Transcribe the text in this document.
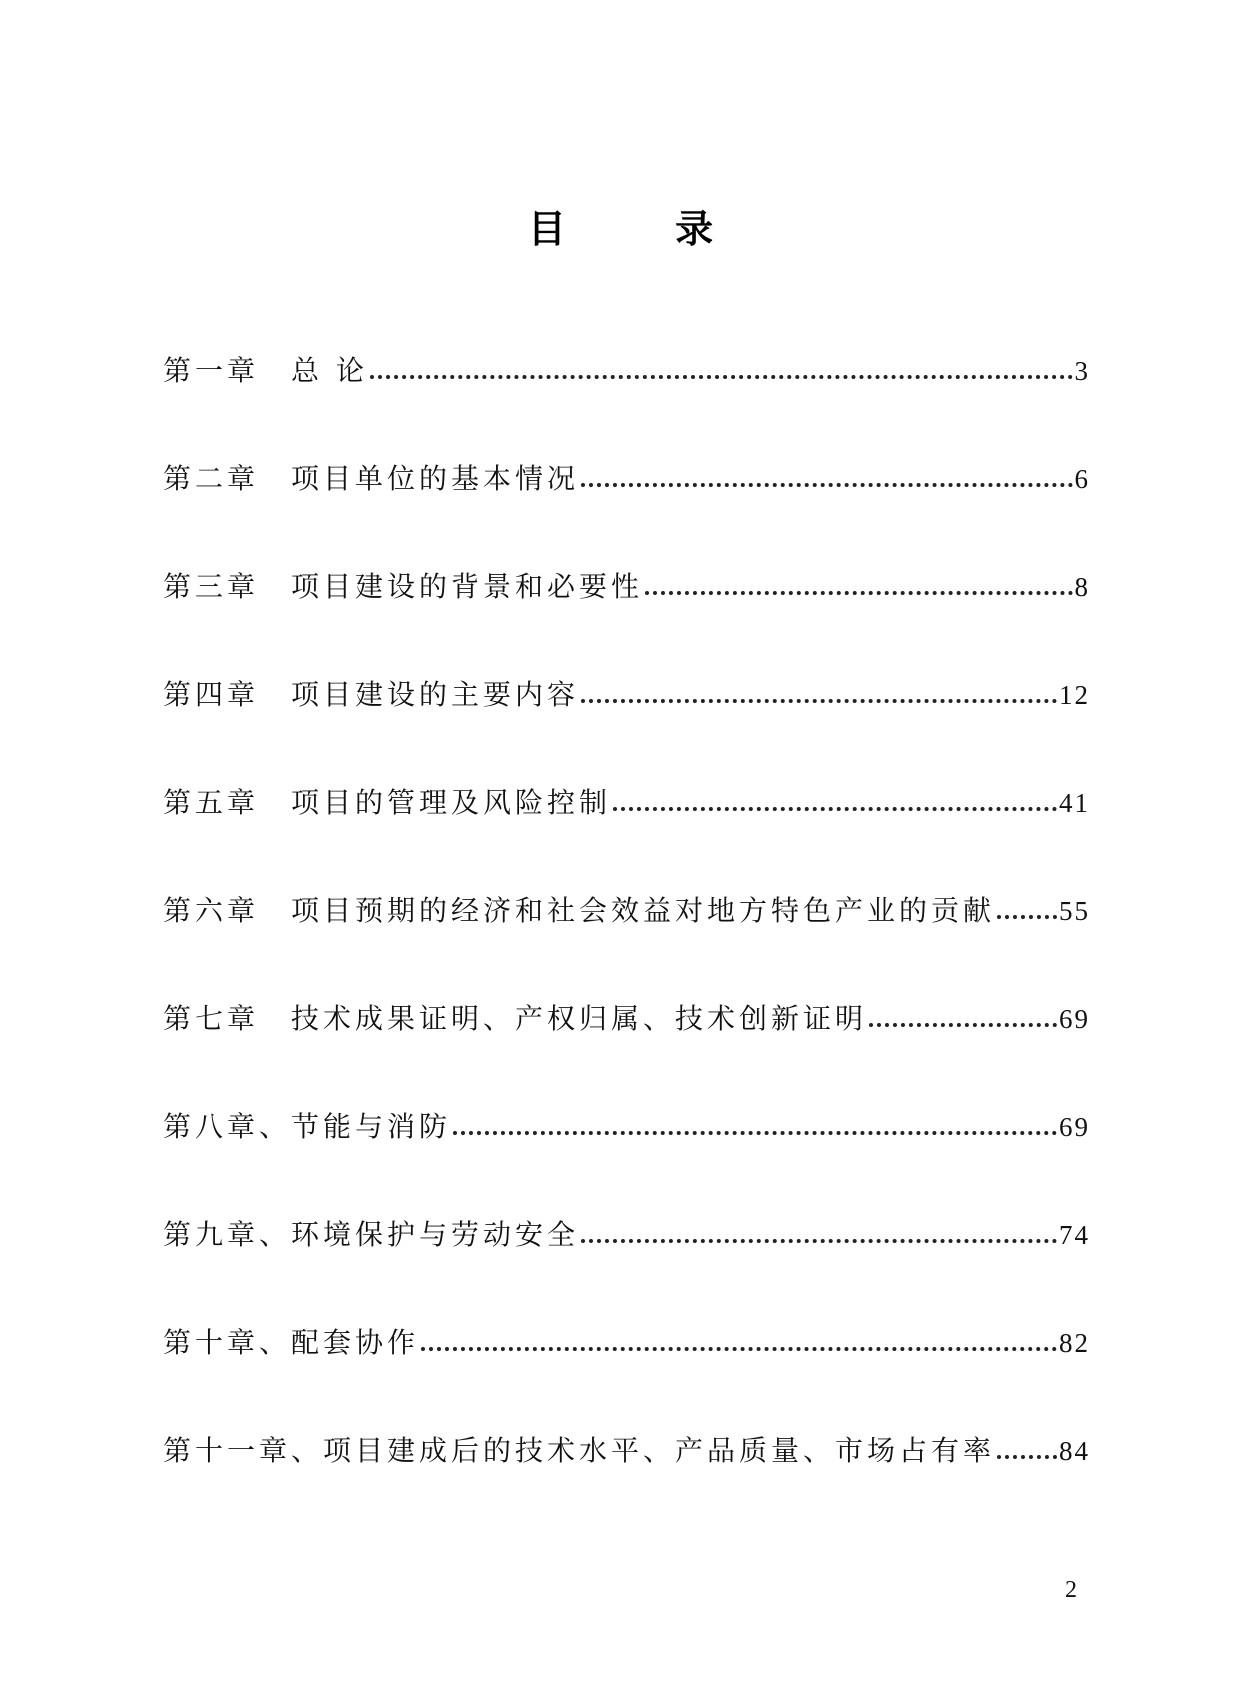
目 录
第一章　总 论	3
第二章　项目单位的基本情况	6
第三章　项目建设的背景和必要性	8
第四章　项目建设的主要内容	12
第五章　项目的管理及风险控制	41
第六章　项目预期的经济和社会效益对地方特色产业的贡献 55
第七章　技术成果证明、产权归属、技术创新证明	69
第八章、节能与消防	69
第九章、环境保护与劳动安全	74
第十章、配套协作	82
第十一章、项目建成后的技术水平、产品质量、市场占有率 84
2
